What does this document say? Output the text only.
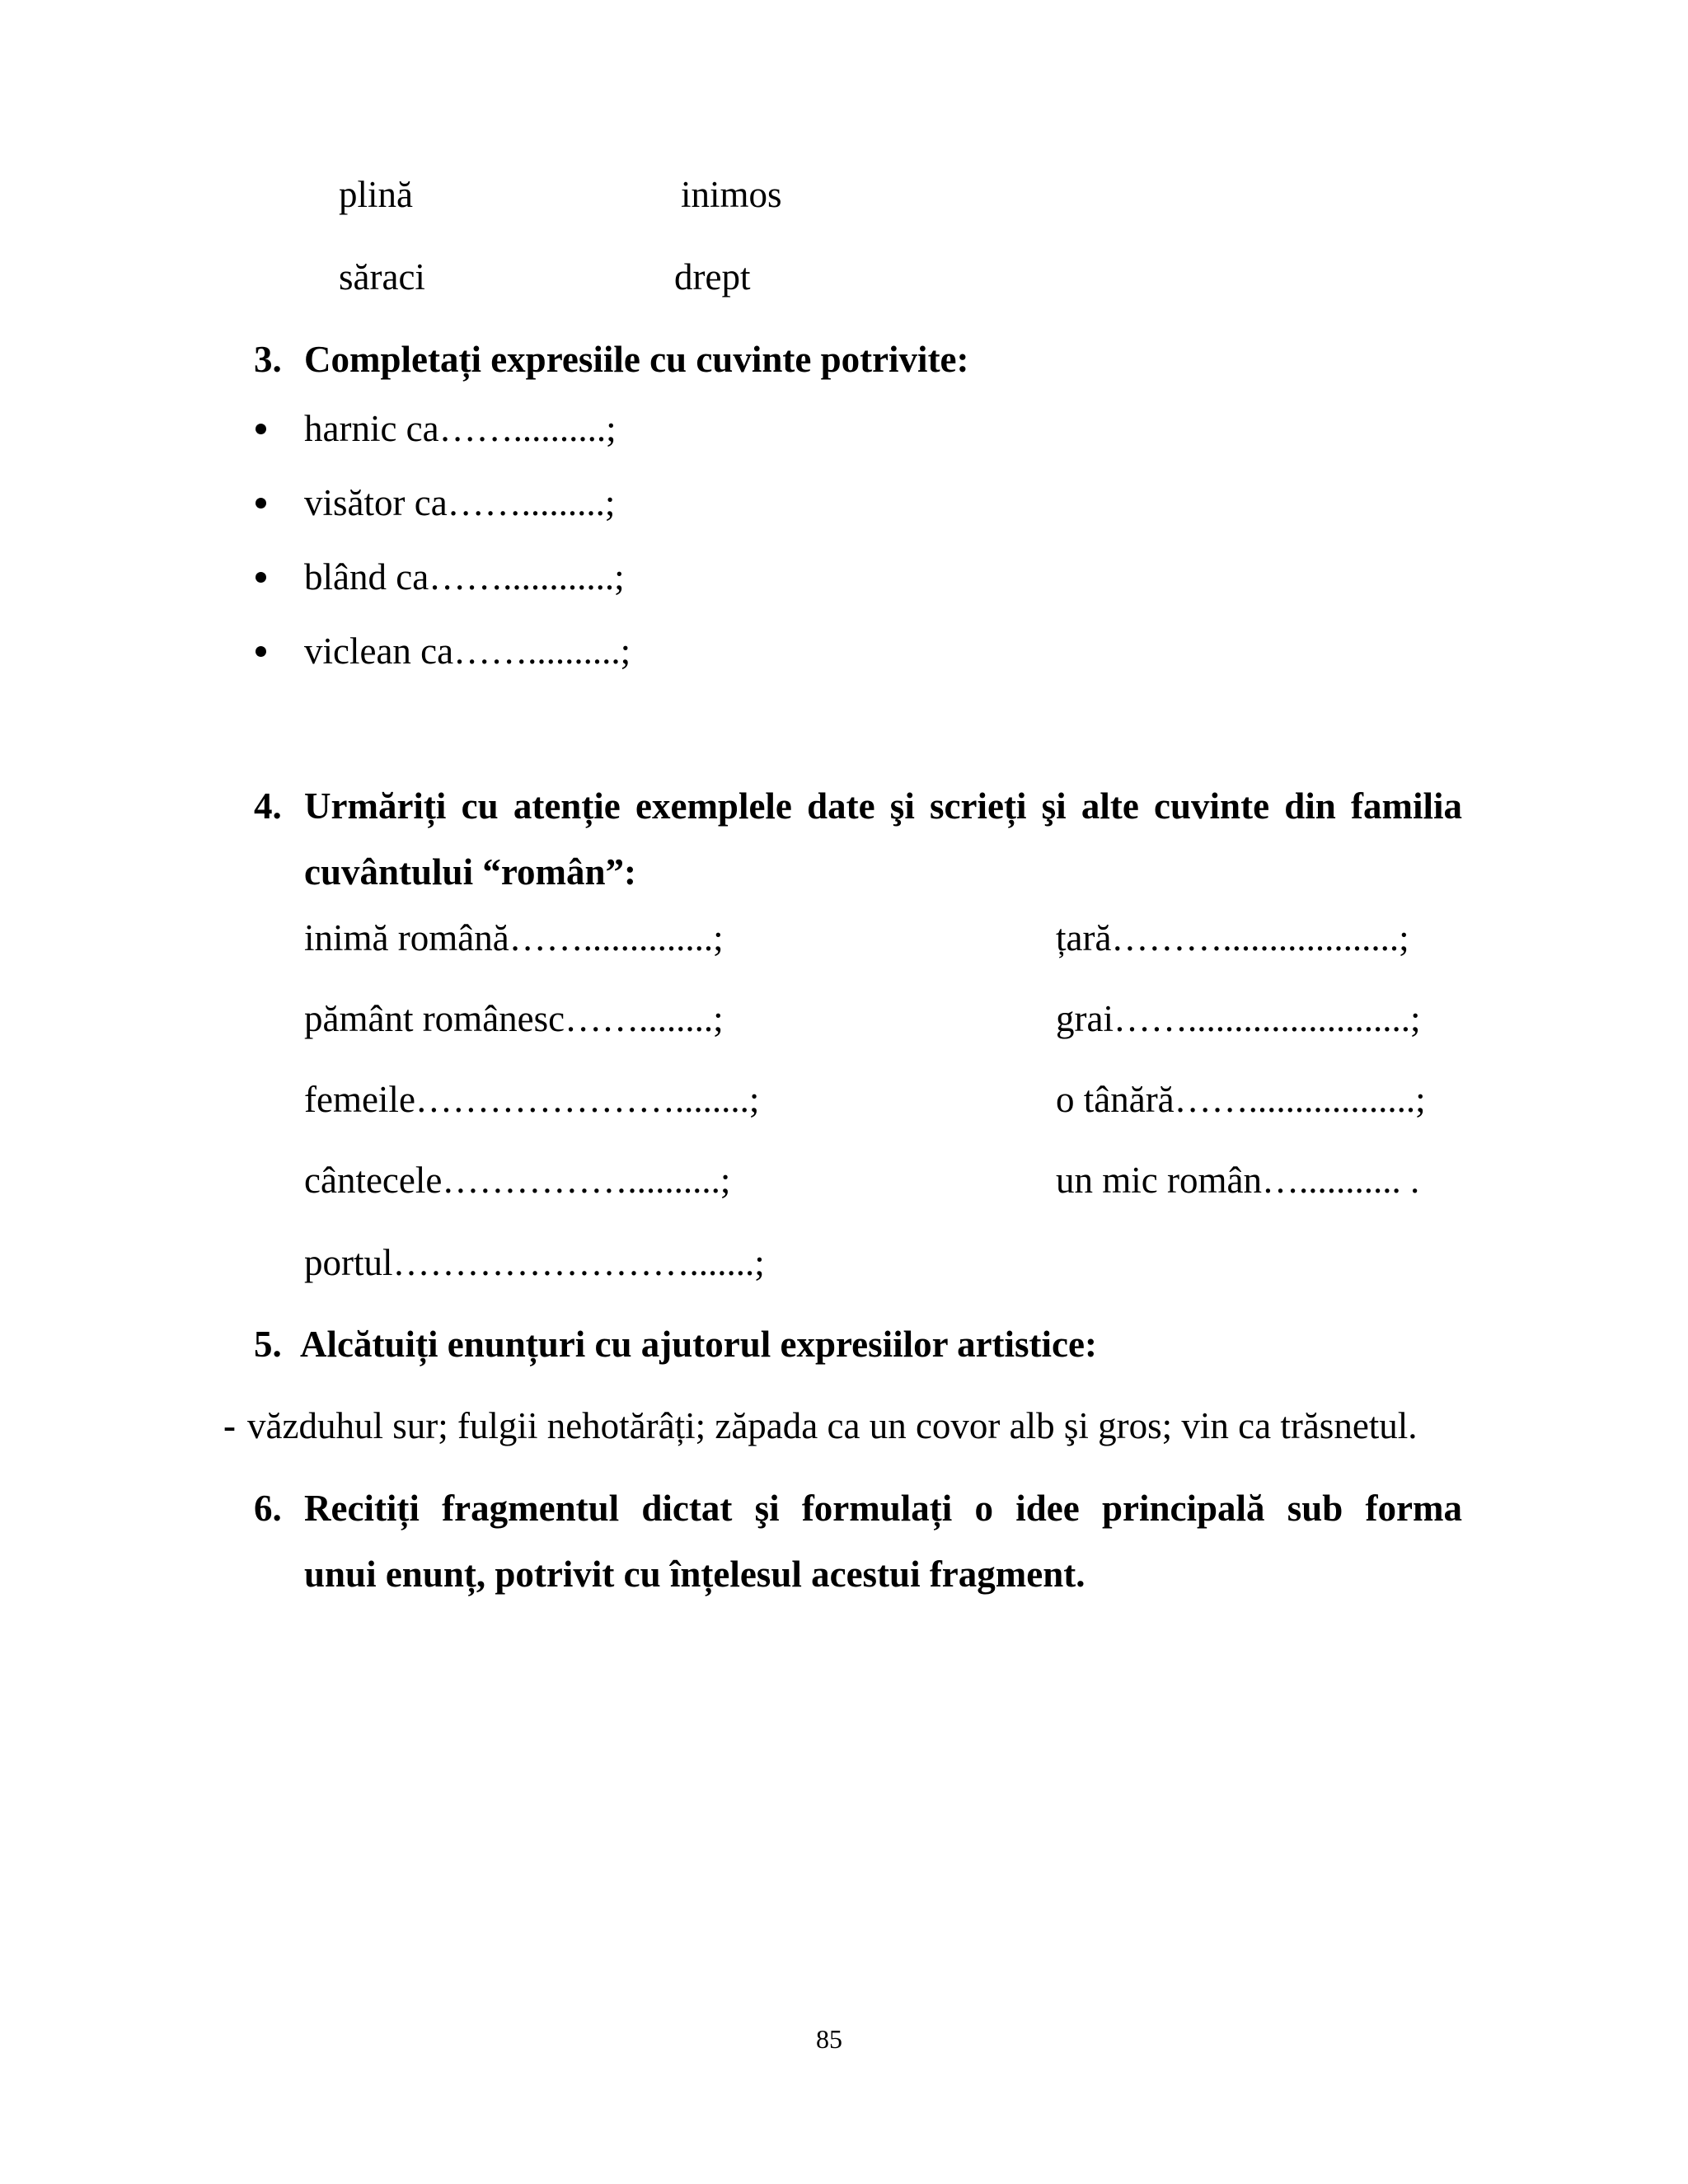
plină	inimos
săraci	drept
3. Completați expresiile cu cuvinte potrivite:
harnic ca……..........;
visător ca…….........;
blând ca……............;
viclean ca……..........;
4. Urmăriți cu atenție exemplele date şi scrieți şi alte cuvinte din familia
cuvântului “român”:
inimă română……..............;
pământ românesc……........;
femeile…………………........;
cântecele……………..........;
portul…………………….......;
țară………...................;
grai……........................;
o tânără……..................;
un mic român…........... .
5. Alcătuiți enunțuri cu ajutorul expresiilor artistice:
- văzduhul sur; fulgii nehotărâți; zăpada ca un covor alb şi gros; vin ca trăsnetul.
6. Recitiți fragmentul dictat şi formulați o idee principală sub forma
unui enunț, potrivit cu înțelesul acestui fragment.
85
